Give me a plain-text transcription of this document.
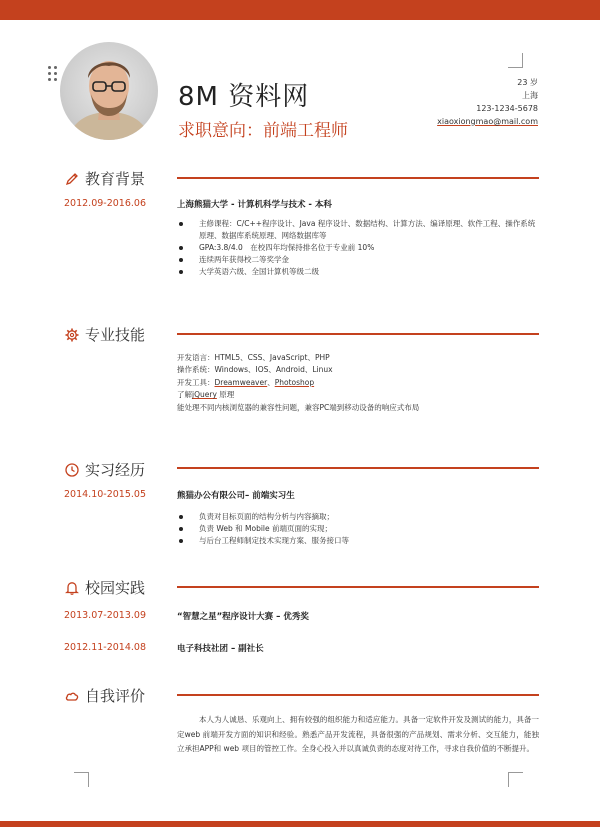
8M 资料网
求职意向：前端工程师
23 岁
上海
123-1234-5678
xiaoxiongmao@mail.com
教育背景
2012.09-2016.06	上海熊猫大学 - 计算机科学与技术 - 本科
主修课程：C/C++程序设计、Java 程序设计、数据结构、计算方法、编译原理、软件工程、操作系统原理、数据库系统原理、网络数据库等
GPA:3.8/4.0　在校四年均保持排名位于专业前 10%
连续两年获得校二等奖学金
大学英语六级、全国计算机等级二级
专业技能
开发语言：HTML5、CSS、JavaScript、PHP
操作系统：Windows、IOS、Android、Linux
开发工具：Dreamweaver、Photoshop
了解jQuery 原理
能处理不同内核浏览器的兼容性问题，兼容PC端到移动设备的响应式布局
实习经历
2014.10-2015.05	熊猫办公有限公司– 前端实习生
负责对目标页面的结构分析与内容摘取；
负责 Web 和 Mobile 前端页面的实现；
与后台工程师制定技术实现方案、服务接口等
校园实践
2013.07-2013.09	“智慧之星”程序设计大赛 – 优秀奖
2012.11-2014.08	电子科技社团 – 副社长
自我评价
本人为人诚恳、乐观向上、拥有较强的组织能力和适应能力。具备一定软件开发及测试的能力，具备一定web 前端开发方面的知识和经验。熟悉产品开发流程，具备很强的产品规划、需求分析、交互能力，能独立承担APP和 web 项目的管控工作。全身心投入并以真诚负责的态度对待工作，寻求自我价值的不断提升。
